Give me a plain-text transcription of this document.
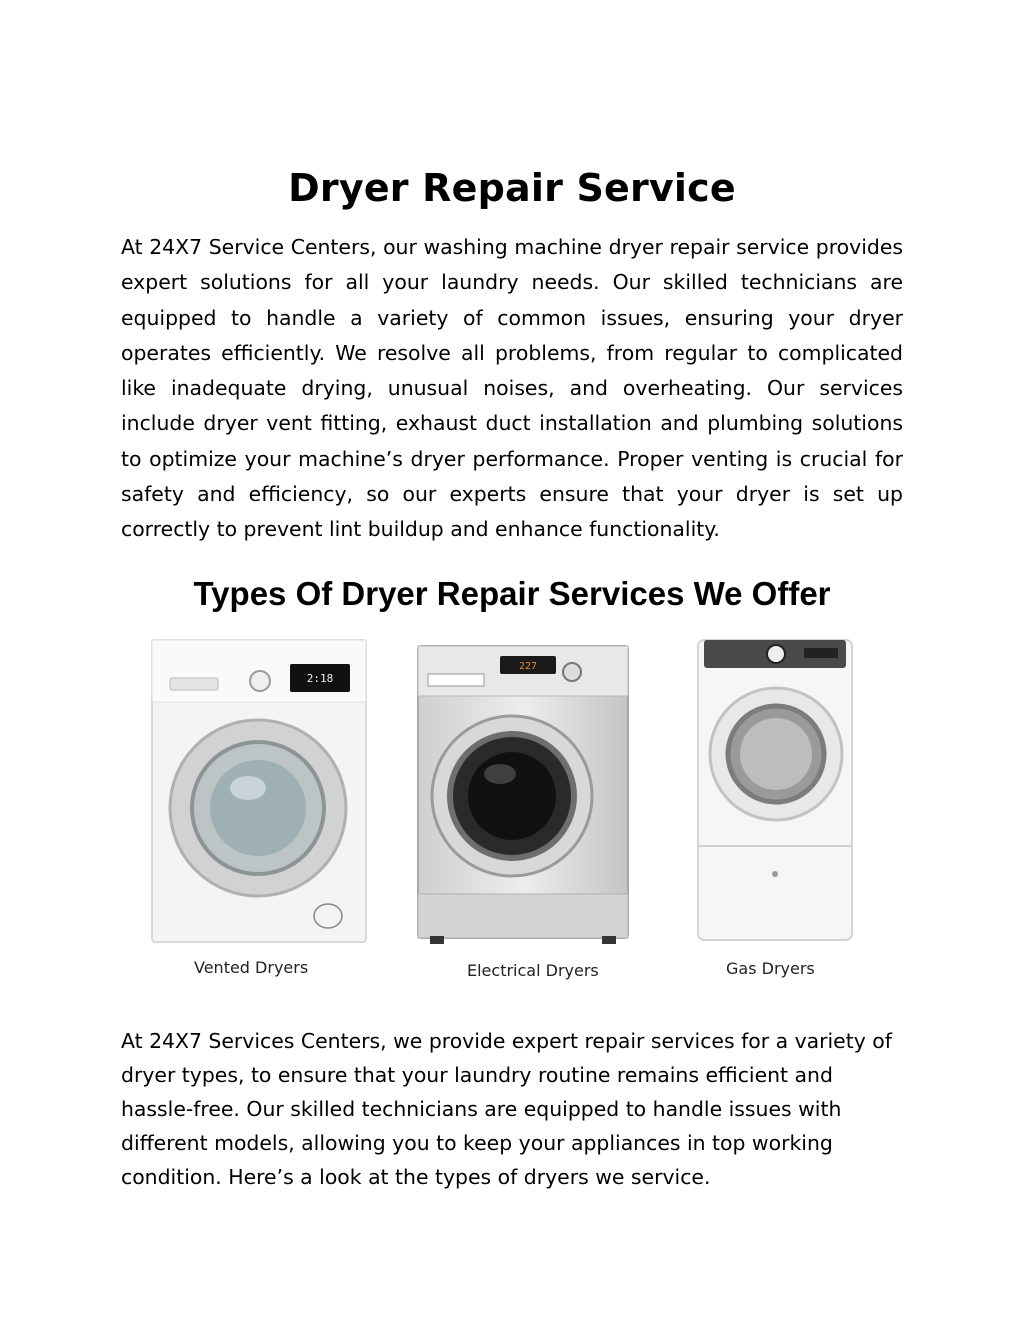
Dryer Repair Service

At 24X7 Service Centers, our washing machine dryer repair service provides expert solutions for all your laundry needs. Our skilled technicians are equipped to handle a variety of common issues, ensuring your dryer operates efficiently. We resolve all problems, from regular to complicated like inadequate drying, unusual noises, and overheating. Our services include dryer vent fitting, exhaust duct installation and plumbing solutions to optimize your machine’s dryer performance. Proper venting is crucial for safety and efficiency, so our experts ensure that your dryer is set up correctly to prevent lint buildup and enhance functionality.

Types Of Dryer Repair Services We Offer
2:18
227
Vented Dryers	Electrical Dryers	Gas Dryers

At 24X7 Services Centers, we provide expert repair services for a variety of dryer types, to ensure that your laundry routine remains efficient and hassle-free. Our skilled technicians are equipped to handle issues with different models, allowing you to keep your appliances in top working condition. Here’s a look at the types of dryers we service.
